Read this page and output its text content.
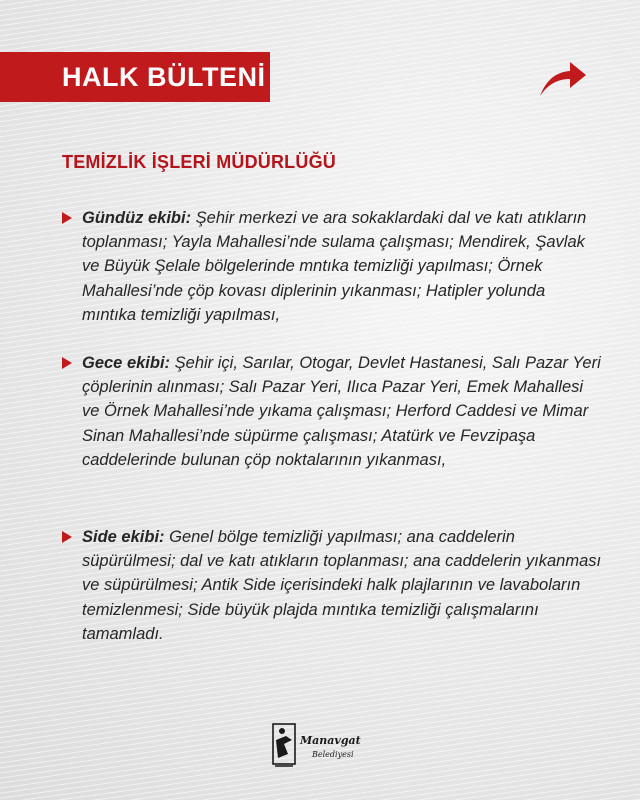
HALK BÜLTENİ
TEMİZLİK İŞLERİ MÜDÜRLÜĞÜ

Gündüz ekibi: Şehir merkezi ve ara sokaklardaki dal ve katı atıkların toplanması; Yayla Mahallesi’nde sulama çalışması; Mendirek, Şavlak ve Büyük Şelale bölgelerinde mntıka temizliği yapılması; Örnek Mahallesi’nde çöp kovası diplerinin yıkanması; Hatipler yolunda mıntıka temizliği yapılması,

Gece ekibi: Şehir içi, Sarılar, Otogar, Devlet Hastanesi, Salı Pazar Yeri çöplerinin alınması; Salı Pazar Yeri, Ilıca Pazar Yeri, Emek Mahallesi ve Örnek Mahallesi’nde yıkama çalışması; Herford Caddesi ve Mimar Sinan Mahallesi’nde süpürme çalışması; Atatürk ve Fevzipaşa caddelerinde bulunan çöp noktalarının yıkanması,

Side ekibi: Genel bölge temizliği yapılması; ana caddelerin süpürülmesi; dal ve katı atıkların toplanması; ana caddelerin yıkanması ve süpürülmesi; Antik Side içerisindeki halk plajlarının ve lavaboların temizlenmesi; Side büyük plajda mıntıka temizliği çalışmalarını tamamladı.

Manavgat
Belediyesi
